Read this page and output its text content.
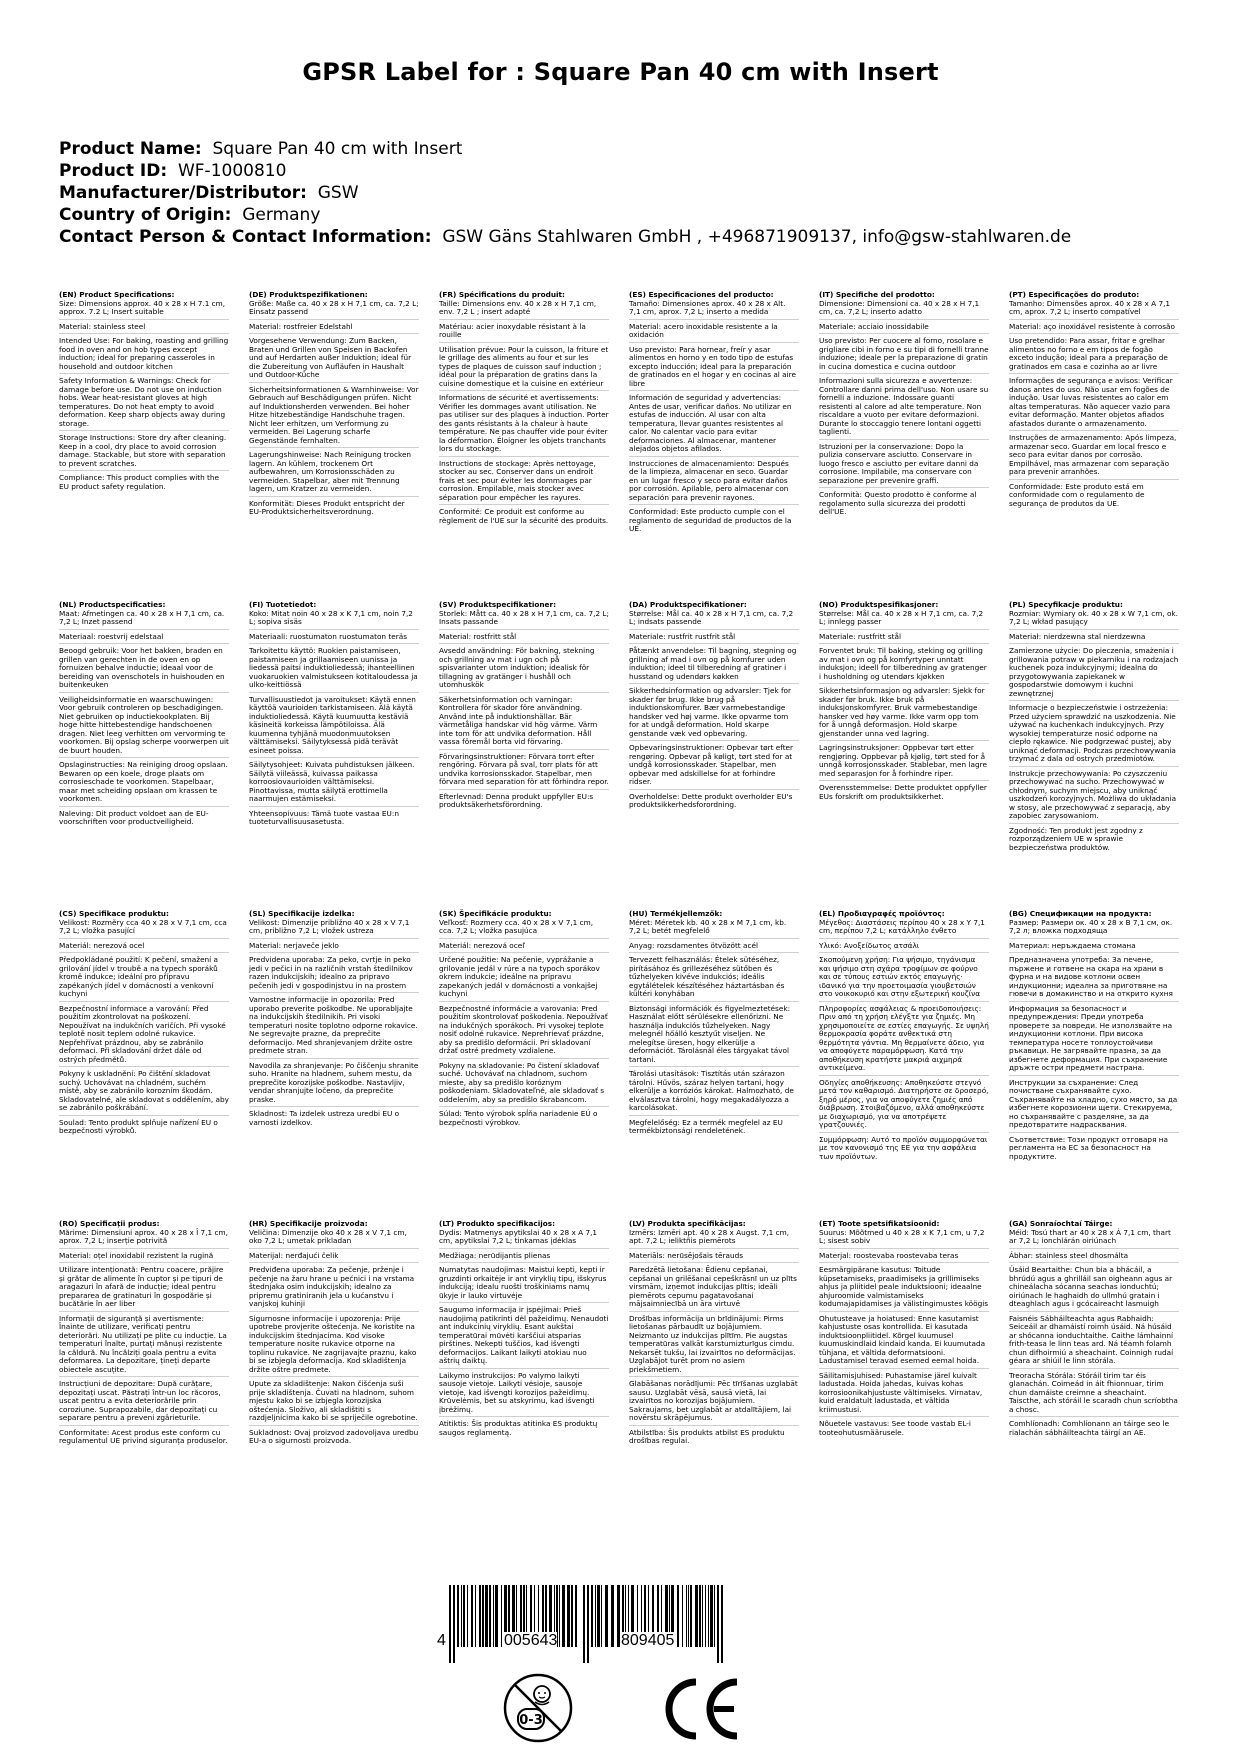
GPSR Label for : Square Pan 40 cm with Insert
Product Name: Square Pan 40 cm with Insert
Product ID: WF-1000810
Manufacturer/Distributor: GSW
Country of Origin: Germany
Contact Person & Contact Information: GSW Gäns Stahlwaren GmbH , +496871909137, info@gsw-stahlwaren.de

(EN) Product Specifications:
Size: Dimensions approx. 40 x 28 x H 7.1 cm, approx. 7.2 L; Insert suitable

Material: stainless steel

Intended Use: For baking, roasting and grilling food in oven and on hob types except induction; ideal for preparing casseroles in household and outdoor kitchen

Safety Information & Warnings: Check for damage before use. Do not use on induction hobs. Wear heat-resistant gloves at high temperatures. Do not heat empty to avoid deformation. Keep sharp objects away during storage.

Storage Instructions: Store dry after cleaning. Keep in a cool, dry place to avoid corrosion damage. Stackable, but store with separation to prevent scratches.

Compliance: This product complies with the EU product safety regulation.

(DE) Produktspezifikationen:
Größe: Maße ca. 40 x 28 x H 7,1 cm, ca. 7,2 L; Einsatz passend

Material: rostfreier Edelstahl

Vorgesehene Verwendung: Zum Backen, Braten und Grillen von Speisen in Backofen und auf Herdarten außer Induktion; ideal für die Zubereitung von Aufläufen in Haushalt und Outdoor-Küche

Sicherheitsinformationen & Warnhinweise: Vor Gebrauch auf Beschädigungen prüfen. Nicht auf Induktionsherden verwenden. Bei hoher Hitze hitzebeständige Handschuhe tragen. Nicht leer erhitzen, um Verformung zu vermeiden. Bei Lagerung scharfe Gegenstände fernhalten.

Lagerungshinweise: Nach Reinigung trocken lagern. An kühlem, trockenem Ort aufbewahren, um Korrosionsschäden zu vermeiden. Stapelbar, aber mit Trennung lagern, um Kratzer zu vermeiden.

Konformität: Dieses Produkt entspricht der EU-Produktsicherheitsverordnung.

(FR) Spécifications du produit:
Taille: Dimensions env. 40 x 28 x H 7,1 cm, env. 7,2 L ; insert adapté

Matériau: acier inoxydable résistant à la rouille

Utilisation prévue: Pour la cuisson, la friture et le grillage des aliments au four et sur les types de plaques de cuisson sauf induction ; idéal pour la préparation de gratins dans la cuisine domestique et la cuisine en extérieur

Informations de sécurité et avertissements: Vérifier les dommages avant utilisation. Ne pas utiliser sur des plaques à induction. Porter des gants résistants à la chaleur à haute température. Ne pas chauffer vide pour éviter la déformation. Éloigner les objets tranchants lors du stockage.

Instructions de stockage: Après nettoyage, stocker au sec. Conserver dans un endroit frais et sec pour éviter les dommages par corrosion. Empilable, mais stocker avec séparation pour empêcher les rayures.

Conformité: Ce produit est conforme au règlement de l'UE sur la sécurité des produits.

(ES) Especificaciones del producto:
Tamaño: Dimensiones aprox. 40 x 28 x Alt. 7,1 cm, aprox. 7,2 L; inserto a medida

Material: acero inoxidable resistente a la oxidación

Uso previsto: Para hornear, freír y asar alimentos en horno y en todo tipo de estufas excepto inducción; ideal para la preparación de gratinados en el hogar y en cocinas al aire libre

Información de seguridad y advertencias: Antes de usar, verificar daños. No utilizar en estufas de inducción. Al usar con alta temperatura, llevar guantes resistentes al calor. No calentar vacío para evitar deformaciones. Al almacenar, mantener alejados objetos afilados.

Instrucciones de almacenamiento: Después de la limpieza, almacenar en seco. Guardar en un lugar fresco y seco para evitar daños por corrosión. Apilable, pero almacenar con separación para prevenir rayones.

Conformidad: Este producto cumple con el reglamento de seguridad de productos de la UE.

(IT) Specifiche del prodotto:
Dimensione: Dimensioni ca. 40 x 28 x H 7,1 cm, ca. 7,2 L; inserto adatto

Materiale: acciaio inossidabile

Uso previsto: Per cuocere al forno, rosolare e grigliare cibi in forno e su tipi di fornelli tranne induzione; ideale per la preparazione di gratin in cucina domestica e cucina outdoor

Informazioni sulla sicurezza e avvertenze: Controllare danni prima dell'uso. Non usare su fornelli a induzione. Indossare guanti resistenti al calore ad alte temperature. Non riscaldare a vuoto per evitare deformazioni. Durante lo stoccaggio tenere lontani oggetti taglienti.

Istruzioni per la conservazione: Dopo la pulizia conservare asciutto. Conservare in luogo fresco e asciutto per evitare danni da corrosione. Impilabile, ma conservare con separazione per prevenire graffi.

Conformità: Questo prodotto è conforme al regolamento sulla sicurezza dei prodotti dell'UE.

(PT) Especificações do produto:
Tamanho: Dimensões aprox. 40 x 28 x A 7,1 cm, aprox. 7,2 L; inserto compatível

Material: aço inoxidável resistente à corrosão

Uso pretendido: Para assar, fritar e grelhar alimentos no forno e em tipos de fogão exceto indução; ideal para a preparação de gratinados em casa e cozinha ao ar livre

Informações de segurança e avisos: Verificar danos antes do uso. Não usar em fogões de indução. Usar luvas resistentes ao calor em altas temperaturas. Não aquecer vazio para evitar deformação. Manter objetos afiados afastados durante o armazenamento.

Instruções de armazenamento: Após limpeza, armazenar seco. Guardar em local fresco e seco para evitar danos por corrosão. Empilhável, mas armazenar com separação para prevenir arranhões.

Conformidade: Este produto está em conformidade com o regulamento de segurança de produtos da UE.

(NL) Productspecificaties:
Maat: Afmetingen ca. 40 x 28 x H 7,1 cm, ca. 7,2 L; Inzet passend

Materiaal: roestvrij edelstaal

Beoogd gebruik: Voor het bakken, braden en grillen van gerechten in de oven en op fornuizen behalve inductie; ideaal voor de bereiding van ovenschotels in huishouden en buitenkeuken

Veiligheidsinformatie en waarschuwingen: Voor gebruik controleren op beschadigingen. Niet gebruiken op inductiekookplaten. Bij hoge hitte hittebestendige handschoenen dragen. Niet leeg verhitten om vervorming te voorkomen. Bij opslag scherpe voorwerpen uit de buurt houden.

Opslaginstructies: Na reiniging droog opslaan. Bewaren op een koele, droge plaats om corrosieschade te voorkomen. Stapelbaar, maar met scheiding opslaan om krassen te voorkomen.

Naleving: Dit product voldoet aan de EU-voorschriften voor productveiligheid.

(FI) Tuotetiedot:
Koko: Mitat noin 40 x 28 x K 7,1 cm, noin 7,2 L; sopiva sisäs

Materiaali: ruostumaton ruostumaton teräs

Tarkoitettu käyttö: Ruokien paistamiseen, paistamiseen ja grillaamiseen uunissa ja liedessä paitsi induktioliedessä; ihanteellinen vuokaruokien valmistukseen kotitaloudessa ja ulko-keittiössä

Turvallisuustiedot ja varoitukset: Käytä ennen käyttöä vaurioiden tarkistamiseen. Älä käytä induktioliedessä. Käytä kuumuutta kestäviä käsineitä korkeissa lämpötiloissa. Älä kuumenna tyhjänä muodonmuutoksen välttämiseksi. Säilytyksessä pidä terävät esineet poissa.

Säilytysohjeet: Kuivata puhdistuksen jälkeen. Säilytä viileässä, kuivassa paikassa korroosiovaurioiden välttämiseksi. Pinottavissa, mutta säilytä erottimella naarmujen estämiseksi.

Yhteensopivuus: Tämä tuote vastaa EU:n tuoteturvallisuusasetusta.

(SV) Produktspecifikationer:
Storlek: Mått ca. 40 x 28 x H 7,1 cm, ca. 7,2 L; Insats passande

Material: rostfritt stål

Avsedd användning: För bakning, stekning och grillning av mat i ugn och på spisvarianter utom induktion; idealisk för tillagning av gratänger i hushåll och utomhuskök

Säkerhetsinformation och varningar: Kontrollera för skador före användning. Använd inte på induktionshällar. Bär värmetåliga handskar vid hög värme. Värm inte tom för att undvika deformation. Håll vassa föremål borta vid förvaring.

Förvaringsinstruktioner: Förvara torrt efter rengöring. Förvara på sval, torr plats för att undvika korrosionsskador. Stapelbar, men förvara med separation för att förhindra repor.

Efterlevnad: Denna produkt uppfyller EU:s produktsäkerhetsförordning.

(DA) Produktspecifikationer:
Størrelse: Mål ca. 40 x 28 x H 7,1 cm, ca. 7,2 L; indsats passende

Materiale: rustfrit rustfrit stål

Påtænkt anvendelse: Til bagning, stegning og grillning af mad i ovn og på komfurer uden induktion; ideel til tilberedning af gratiner i husstand og udendørs køkken

Sikkerhedsinformation og advarsler: Tjek for skader før brug. Ikke brug på induktionskomfurer. Bær varmebestandige handsker ved høj varme. Ikke opvarme tom for at undgå deformation. Hold skarpe genstande væk ved opbevaring.

Opbevaringsinstruktioner: Opbevar tørt efter rengøring. Opbevar på køligt, tørt sted for at undgå korrosionsskader. Stapelbar, men opbevar med adskillelse for at forhindre ridser.

Overholdelse: Dette produkt overholder EU's produktsikkerhedsforordning.

(NO) Produktspesifikasjoner:
Størrelse: Mål ca. 40 x 28 x H 7,1 cm, ca. 7,2 L; innlegg passer

Materiale: rustfritt stål

Forventet bruk: Til baking, steking og grilling av mat i ovn og på komfyrtyper unntatt induksjon; ideell for tilberedning av gratenger i husholdning og utendørs kjøkken

Sikkerhetsinformasjon og advarsler: Sjekk for skader før bruk. Ikke bruk på induksjonskomfyrer. Bruk varmebestandige hansker ved høy varme. Ikke varm opp tom for å unngå deformasjon. Hold skarpe gjenstander unna ved lagring.

Lagringsinstruksjoner: Oppbevar tørt etter rengjøring. Oppbevar på kjølig, tørt sted for å unngå korrosjonsskader. Stablebar, men lagre med separasjon for å forhindre riper.

Overensstemmelse: Dette produktet oppfyller EUs forskrift om produktsikkerhet.

(PL) Specyfikacje produktu:
Rozmiar: Wymiary ok. 40 x 28 x W 7,1 cm, ok. 7,2 L; wkład pasujący

Materiał: nierdzewna stal nierdzewna

Zamierzone użycie: Do pieczenia, smażenia i grillowania potraw w piekarniku i na rodzajach kuchenek poza indukcyjnymi; idealna do przygotowywania zapiekanek w gospodarstwie domowym i kuchni zewnętrznej

Informacje o bezpieczeństwie i ostrzeżenia: Przed użyciem sprawdzić na uszkodzenia. Nie używać na kuchenkach indukcyjnych. Przy wysokiej temperaturze nosić odporne na ciepło rękawice. Nie podgrzewać pustej, aby uniknąć deformacji. Podczas przechowywania trzymać z dala od ostrych przedmiotów.

Instrukcje przechowywania: Po czyszczeniu przechowywać na sucho. Przechowywać w chłodnym, suchym miejscu, aby uniknąć uszkodzeń korozyjnych. Możliwa do układania w stosy, ale przechowywać z separacją, aby zapobiec zarysowaniom.

Zgodność: Ten produkt jest zgodny z rozporządzeniem UE w sprawie bezpieczeństwa produktów.

(CS) Specifikace produktu:
Velikost: Rozměry cca 40 x 28 x V 7,1 cm, cca 7,2 L; vložka pasující

Materiál: nerezová ocel

Předpokládané použití: K pečení, smažení a grilování jídel v troubě a na typech sporáků kromě indukce; ideální pro přípravu zapékaných jídel v domácnosti a venkovní kuchyni

Bezpečnostní informace a varování: Před použitím zkontrolovat na poškození. Nepoužívat na indukčních varičích. Při vysoké teplotě nosit teplem odolné rukavice. Nepřehřívat prázdnou, aby se zabránilo deformaci. Při skladování držet dále od ostrých předmětů.

Pokyny k uskladnění: Po čištění skladovat suchý. Uchovávat na chladném, suchém místě, aby se zabránilo korozním škodám. Skladovatelné, ale skladovat s oddělením, aby se zabránilo poškrábání.

Soulad: Tento produkt splňuje nařízení EU o bezpečnosti výrobků.

(SL) Specifikacije izdelka:
Velikost: Dimenzije približno 40 x 28 x V 7,1 cm, približno 7,2 L; vložek ustreza

Material: nerjaveče jeklo

Predvidena uporaba: Za peko, cvrtje in peko jedi v pečici in na različnih vrstah štedilnikov razen indukcijskih; idealno za pripravo pečenih jedi v gospodinjstvu in na prostem

Varnostne informacije in opozorila: Pred uporabo preverite poškodbe. Ne uporabljajte na indukcijskih štedilnikih. Pri visoki temperaturi nosite toplotno odporne rokavice. Ne segrevajte prazne, da preprečite deformacijo. Med shranjevanjem držite ostre predmete stran.

Navodila za shranjevanje: Po čiščenju shranite suho. Hranite na hladnem, suhem mestu, da preprečite korozijske poškodbe. Nastavljiv, vendar shranjujte ločeno, da preprečite praske.

Skladnost: Ta izdelek ustreza uredbi EU o varnosti izdelkov.

(SK) Špecifikácie produktu:
Veľkosť: Rozmery cca. 40 x 28 x V 7,1 cm, cca. 7,2 L; vložka pasujúca

Materiál: nerezová oceľ

Určené použitie: Na pečenie, vyprážanie a grilovanie jedál v rúre a na typoch sporákov okrem indukcie; ideálne na prípravu zapekaných jedál v domácnosti a vonkajšej kuchyni

Bezpečnostné informácie a varovania: Pred použitím skontrolovať poškodenia. Nepoužívať na indukčných sporákoch. Pri vysokej teplote nosiť odolné rukavice. Neprehrievať prázdne, aby sa predišlo deformácii. Pri skladovaní držať ostré predmety vzdialene.

Pokyny na skladovanie: Po čistení skladovať suché. Uchovávať na chladnom, suchom mieste, aby sa predišlo koróznym poškodeniam. Skladovateľné, ale skladovať s oddelením, aby sa predišlo škrabancom.

Súlad: Tento výrobok spĺňa nariadenie EÚ o bezpečnosti výrobkov.

(HU) Termékjellemzők:
Méret: Méretek kb. 40 x 28 x M 7,1 cm, kb. 7,2 L; betét megfelelő

Anyag: rozsdamentes ötvözött acél

Tervezett felhasználás: Ételek sütéséhez, pirításához és grillezéséhez sütőben és tűzhelyeken kivéve indukciós; ideális egytálételek készítéséhez háztartásban és kültéri konyhában

Biztonsági információk és figyelmeztetések: Használat előtt sérülésekre ellenőrizni. Ne használja indukciós tűzhelyeken. Nagy melegnél hőálló kesztyűt viseljen. Ne melegítse üresen, hogy elkerülje a deformációt. Tárolásnál éles tárgyakat távol tartani.

Tárolási utasítások: Tisztítás után szárazon tárolni. Hűvös, száraz helyen tartani, hogy elkerülje a korróziós károkat. Halmozható, de elválasztva tárolni, hogy megakadályozza a karcolásokat.

Megfelelőség: Ez a termék megfelel az EU termékbiztonsági rendeletének.

(EL) Προδιαγραφές προϊόντος:
Μέγεθος: Διαστάσεις περίπου 40 x 28 x Υ 7,1 cm, περίπου 7,2 L; κατάλληλο ένθετο

Υλικό: Ανοξείδωτος ατσάλι

Σκοπούμενη χρήση: Για ψήσιμο, τηγάνισμα και ψήσιμο στη σχάρα τροφίμων σε φούρνο και σε τύπους εστιών εκτός επαγωγής· ιδανικό για την προετοιμασία γιουβετσιών στο νοικοκυριό και στην εξωτερική κουζίνα

Πληροφορίες ασφάλειας & προειδοποιήσεις: Πριν από τη χρήση ελέγξτε για ζημιές. Μη χρησιμοποιείτε σε εστίες επαγωγής. Σε υψηλή θερμοκρασία φοράτε ανθεκτικά στη θερμότητα γάντια. Μη θερμαίνετε άδειο, για να αποφύγετε παραμόρφωση. Κατά την αποθήκευση κρατήστε μακριά αιχμηρά αντικείμενα.

Οδηγίες αποθήκευσης: Αποθηκεύστε στεγνό μετά τον καθαρισμό. Διατηρήστε σε δροσερό, ξηρό μέρος, για να αποφύγετε ζημιές από διάβρωση. Στοιβαζόμενο, αλλά αποθηκεύστε με διαχωρισμό, για να αποτρέψετε γρατζουνιές.

Συμμόρφωση: Αυτό το προϊόν συμμορφώνεται με τον κανονισμό της ΕΕ για την ασφάλεια των προϊόντων.

(BG) Спецификации на продукта:
Размер: Размери ок. 40 x 28 x В 7,1 см, ок. 7,2 л; вложка подходяща

Материал: неръждаема стомана

Предназначена употреба: За печене, пържене и готвене на скара на храни в фурна и на видове котлони освен индукционни; идеална за приготвяне на гювечи в домакинство и на открито кухня

Информация за безопасност и предупреждения: Преди употреба проверете за повреди. Не използвайте на индукционни котлони. При висока температура носете топлоустойчиви ръкавици. Не загрявайте празна, за да избегнете деформация. При съхранение дръжте остри предмети настрана.

Инструкции за съхранение: След почистване съхранявайте сухо. Съхранявайте на хладно, сухо място, за да избегнете корозионни щети. Стекируема, но съхранявайте с разделяне, за да предотвратите надрасквания.

Съответствие: Този продукт отговаря на регламента на ЕС за безопасност на продуктите.

(RO) Specificații produs:
Mărime: Dimensiuni aprox. 40 x 28 x Î 7,1 cm, aprox. 7,2 L; inserție potrivită

Material: oțel inoxidabil rezistent la rugină

Utilizare intenționată: Pentru coacere, prăjire și grătar de alimente în cuptor și pe tipuri de aragazuri în afară de inducție; ideal pentru prepararea de gratinaturi în gospodărie și bucătărie în aer liber

Informații de siguranță și avertismente: Înainte de utilizare, verificați pentru deteriorări. Nu utilizați pe plite cu inducție. La temperaturi înalte, purtați mănuși rezistente la căldură. Nu încălziți goala pentru a evita deformarea. La depozitare, țineți departe obiectele ascuțite.

Instrucțiuni de depozitare: După curățare, depozitați uscat. Păstrați într-un loc răcoros, uscat pentru a evita deteriorările prin coroziune. Suprapozabile, dar depozitați cu separare pentru a preveni zgârieturile.

Conformitate: Acest produs este conform cu regulamentul UE privind siguranța produselor.

(HR) Specifikacije proizvoda:
Veličina: Dimenzije oko 40 x 28 x V 7,1 cm, oko 7,2 L; umetak prikladan

Materijal: nerđajući čelik

Predviđena uporaba: Za pečenje, prženje i pečenje na žaru hrane u pećnici i na vrstama štednjaka osim indukcijskih; idealno za pripremu gratiniranih jela u kućanstvu i vanjskoj kuhinji

Sigurnosne informacije i upozorenja: Prije upotrebe provjerite oštećenja. Ne koristite na indukcijskim štednjacima. Kod visoke temperature nosite rukavice otporne na toplinu rukavice. Ne zagrijavajte praznu, kako bi se izbjegla deformacija. Kod skladištenja držite oštre predmete.

Upute za skladištenje: Nakon čišćenja suši prije skladištenja. Čuvati na hladnom, suhom mjestu kako bi se izbjegla korozijska oštećenja. Složivo, ali skladištiti s razdjeljnicima kako bi se spriječile ogrebotine.

Sukladnost: Ovaj proizvod zadovoljava uredbu EU-a o sigurnosti proizvoda.

(LT) Produkto specifikacijos:
Dydis: Matmenys apytikslai 40 x 28 x A 7,1 cm, apytikslai 7,2 L; tinkamas įdėklas

Medžiaga: nerūdijantis plienas

Numatytas naudojimas: Maistui kepti, kepti ir gruzdinti orkaitėje ir ant viryklių tipų, išskyrus indukciją; idealu ruošti troškiniams namų ūkyje ir lauko virtuvėje

Saugumo informacija ir įspėjimai: Prieš naudojimą patikrinti dėl pažeidimų. Nenaudoti ant indukcinių viryklių. Esant aukštai temperatūrai mūvėti karščiui atsparias pirštines. Nekepti tuščios, kad išvengti deformacijos. Laikant laikyti atokiau nuo aštrių daiktų.

Laikymo instrukcijos: Po valymo laikyti sausoje vietoje. Laikyti vėsioje, sausoje vietoje, kad išvengti korozijos pažeidimų. Krūvelėmis, bet su atskyrimu, kad išvengti įbrėžimų.

Atitiktis: Šis produktas atitinka ES produktų saugos reglamentą.

(LV) Produkta specifikācijas:
Izmērs: Izmēri apt. 40 x 28 x Augst. 7,1 cm, apt. 7,2 L; ieliktñis piemērots

Materiāls: nerūsējošais tērauds

Paredzētā lietošana: Ēdienu cepšanai, cepšanai un grilēšanai cepeškrāsnī un uz plīts virsmām, izņemot indukcijas plītis; ideāli piemērots cepumu pagatavošanai mājsaimniecībā un āra virtuvē

Drošības informācija un brīdinājumi: Pirms lietošanas pārbaudīt uz bojājumiem. Neizmanto uz indukcijas plītīm. Pie augstas temperatūras valkāt karstumizturīgus cimdu. Nekarsēt tukšu, lai izvairītos no deformācijas. Uzglabājot turēt prom no asiem priekšmetiem.

Glabāšanas norādījumi: Pēc tīrīšanas uzglabāt sausu. Uzglabāt vēsā, sausā vietā, lai izvairītos no korozijas bojājumiem. Sakraujams, bet uzglabāt ar atdalītājiem, lai novērstu skrāpējumus.

Atbilstība: Šis produkts atbilst ES produktu drošības regulai.

(ET) Toote spetsifikatsioonid:
Suurus: Mõõtmed u 40 x 28 x K 7,1 cm, u 7,2 L; sisest sobiv

Materjal: roostevaba roostevaba teras

Eesmärgipärane kasutus: Toitude küpsetamiseks, praadimiseks ja grillimiseks ahjus ja pliitidel peale induktsiooni; ideaalne ahjuroomide valmistamiseks kodumajapidamises ja välistingimustes köögis

Ohutusteave ja hoiatused: Enne kasutamist kahjustuste osas kontrollida. Ei kasutada induktsioonpliitidel. Kõrgel kuumusel kuumuskindlaid kindaid kanda. Ei kuumutada tühjana, et vältida deformatsiooni. Ladustamisel teravad esemed eemal hoida.

Säilitamisjuhised: Puhastamise järel kuivalt ladustada. Hoida jahedas, kuivas kohas korrosioonikahjustuste vältimiseks. Virnatav, kuid eraldatult ladustada, et vältida kriimustusi.

Nõuetele vastavus: See toode vastab EL-i tooteohutusmäärusele.

(GA) Sonraíochtaí Táirge:
Méid: Tosú thart ar 40 x 28 x Á 7,1 cm, thart ar 7,2 L; ionchlárán oiriúnach

Ábhar: stainless steel dhosmálta

Úsáid Beartaithe: Chun bia a bhácáil, a bhrúdú agus a ghrilláil san oigheann agus ar chineálacha sócanna seachas ionduchtú; oiriúnach le haghaidh do ullmhú gratain i dteaghlach agus i gcócaireacht lasmuigh

Faisnéis Sábháilteachta agus Rabhaidh: Seiceáil ar dhamáistí roimh úsáid. Ná húsáid ar shócanna ionduchtaithe. Caithe lámhainní frith-teasa le linn teas ard. Ná téamh folamh chun difhoirmiú a sheachaint. Coinnigh rudaí géara ar shiúil le linn stórála.

Treoracha Stórála: Stóráil tirim tar éis glanachán. Coimeád in áit fhionnuar, tirim chun damáiste creimne a sheachaint. Taiscthe, ach stóráil le scaradh chun scríobtha a chosc.

Comhlíonadh: Comhlíonann an táirge seo le rialachán sábháilteachta táirgí an AE.

4	005643	809405
0-3
